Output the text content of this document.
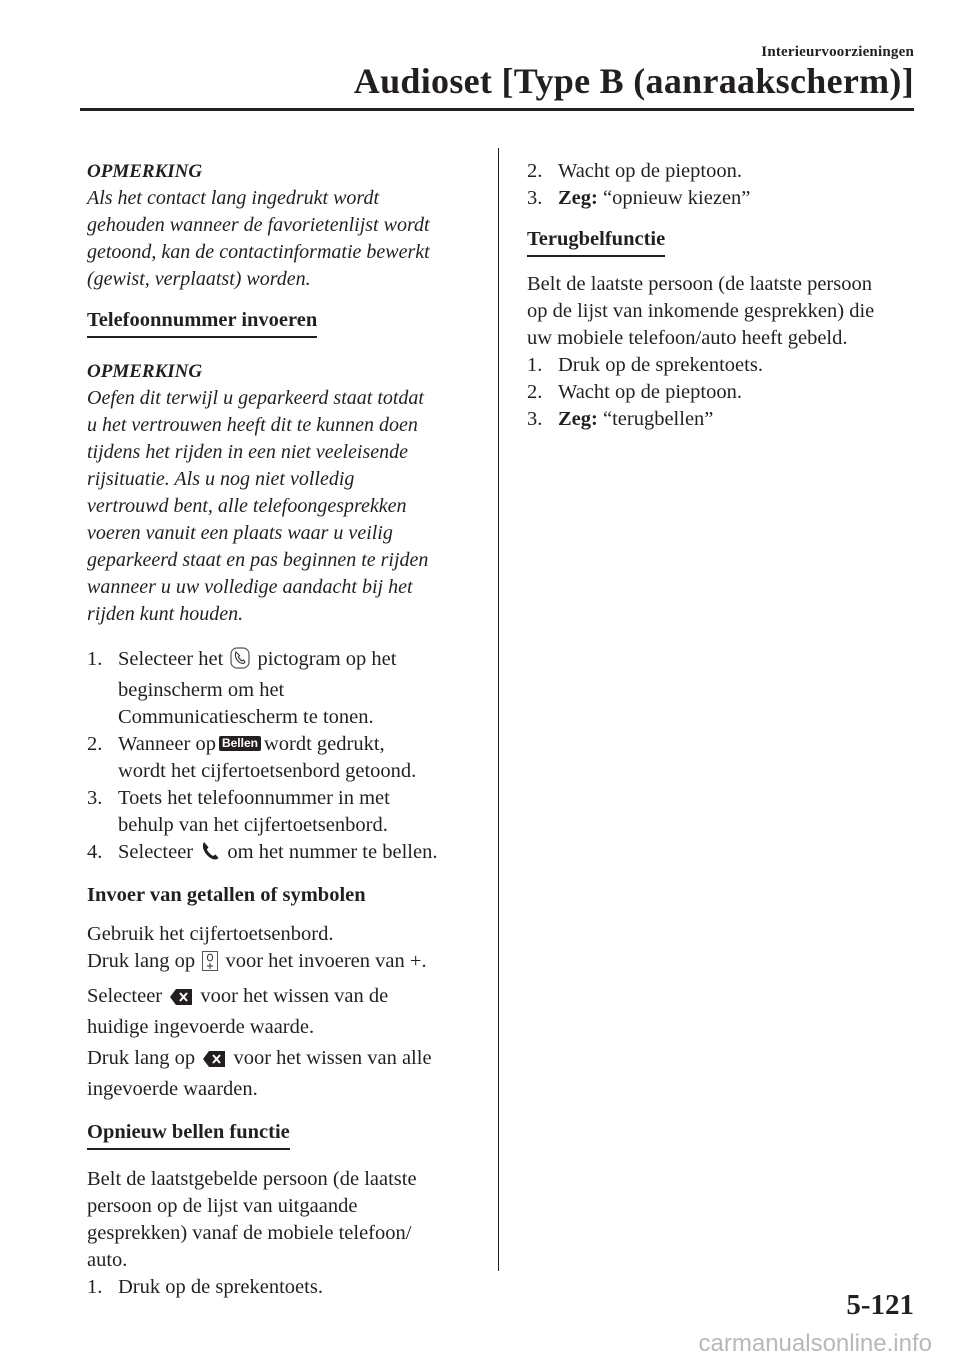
Interieurvoorzieningen
Audioset [Type B (aanraakscherm)]

OPMERKING

Als het contact lang ingedrukt wordt
gehouden wanneer de favorietenlijst wordt
getoond, kan de contactinformatie bewerkt
(gewist, verplaatst) worden.
Telefoonnummer invoeren

OPMERKING

Oefen dit terwijl u geparkeerd staat totdat
u het vertrouwen heeft dit te kunnen doen
tijdens het rijden in een niet veeleisende
rijsituatie. Als u nog niet volledig
vertrouwd bent, alle telefoongesprekken
voeren vanuit een plaats waar u veilig
geparkeerd staat en pas beginnen te rijden
wanneer u uw volledige aandacht bij het
rijden kunt houden.
1. Selecteer het pictogram op het
beginscherm om het
Communicatiescherm te tonen.
2. Wanneer op Bellen wordt gedrukt,
wordt het cijfertoetsenbord getoond.
3. Toets het telefoonnummer in met
behulp van het cijfertoetsenbord.
4. Selecteer om het nummer te bellen.

Invoer van getallen of symbolen

Gebruik het cijfertoetsenbord.
Druk lang op voor het invoeren van +.
Selecteer voor het wissen van de
huidige ingevoerde waarde.
Druk lang op voor het wissen van alle
ingevoerde waarden.
Opnieuw bellen functie
Belt de laatstgebelde persoon (de laatste
persoon op de lijst van uitgaande
gesprekken) vanaf de mobiele telefoon/
auto.
1. Druk op de sprekentoets.
2. Wacht op de pieptoon.
3. Zeg: “opnieuw kiezen”
Terugbelfunctie
Belt de laatste persoon (de laatste persoon
op de lijst van inkomende gesprekken) die
uw mobiele telefoon/auto heeft gebeld.
1. Druk op de sprekentoets.
2. Wacht op de pieptoon.
3. Zeg: “terugbellen”
5-121
carmanualsonline.info
